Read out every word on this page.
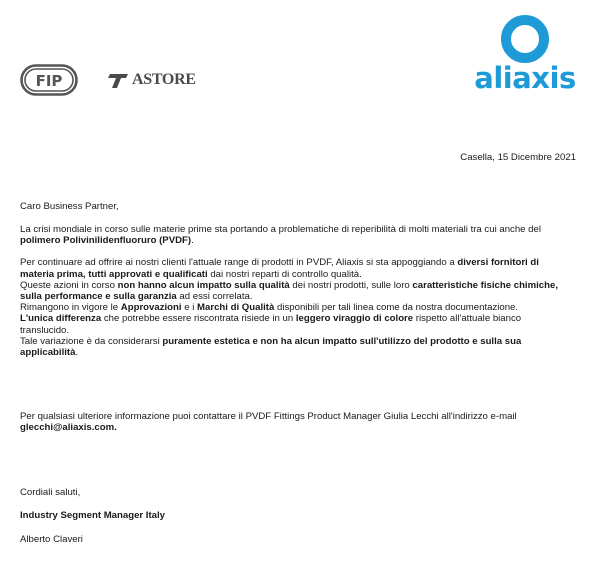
FIP	ASTORE	aliaxis
Casella, 15 Dicembre 2021
Caro Business Partner,

La crisi mondiale in corso sulle materie prime sta portando a problematiche di reperibilità di molti materiali tra cui anche del polimero Polivinilidenfluoruro (PVDF).

Per continuare ad offrire ai nostri clienti l'attuale range di prodotti in PVDF, Aliaxis si sta appoggiando a diversi fornitori di materia prima, tutti approvati e qualificati dai nostri reparti di controllo qualità.

Queste azioni in corso non hanno alcun impatto sulla qualità dei nostri prodotti, sulle loro caratteristiche fisiche chimiche, sulla performance e sulla garanzia ad essi correlata.

Rimangono in vigore le Approvazioni e i Marchi di Qualità disponibili per tali linea come da nostra documentazione.

L'unica differenza che potrebbe essere riscontrata risiede in un leggero viraggio di colore rispetto all'attuale bianco translucido.

Tale variazione è da considerarsi puramente estetica e non ha alcun impatto sull'utilizzo del prodotto e sulla sua applicabilità.

Per qualsiasi ulteriore informazione puoi contattare il PVDF Fittings Product Manager Giulia Lecchi all'indirizzo e-mail glecchi@aliaxis.com.
Cordiali saluti,
Industry Segment Manager Italy
Alberto Claveri
